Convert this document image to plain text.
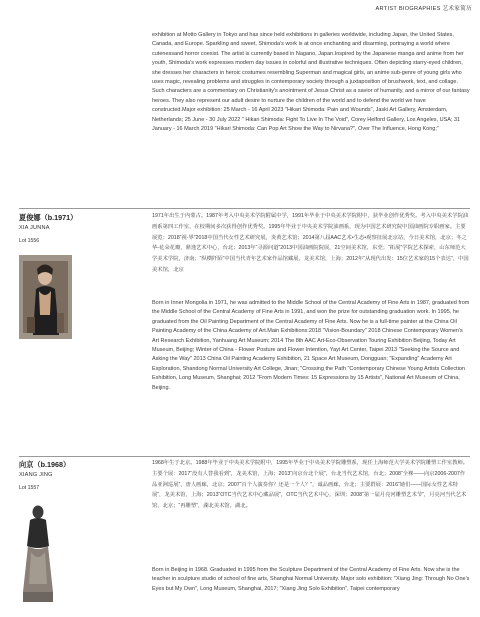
ARTIST BIOGRAPHIES 艺术家简历

exhibition at Motto Gallery in Tokyo and has since held exhibitions in galleries worldwide, including Japan, the United States, Canada, and Europe. Sparkling and sweet, Shimoda's work is at once enchanting and disarming, portraying a world where cutenessand horror coexist. The artist is currently based in Nagano, Japan.Inspired by the Japanese manga and anime from her youth, Shimoda's work expresses modern day issues in colorful and illustrative techniques. Often depicting starry-eyed children, she dresses her characters in heroic costumes resembling Superman and magical girls, an anime sub-genre of young girls who uses magic, revealing problems and struggles in contemporary society through a juxtaposition of brushwork, text, and collage. Such characters are a commentary on Christianity's anointment of Jesus Christ as a savior of humanity, and a mirror of our fantasy heroes. They also represent our adult desire to nurture the children of the world and to defend the world we have constructed.Major exhibition: 25 March - 16 April 2023 "Hikari Shimoda: Pain and Wounds", Jaski Art Gallery, Amsterdam, Netherlands; 25 June - 30 July 2022 " Hikari Shimoda: Fight To Live In The Void", Corey Helford Gallery, Los Angeles, USA; 31 January - 16 March 2019 "Hikari Shimoda: Can Pop Art Show the Way to Nirvana?", Over The Influence, Hong Kong;"

夏俊娜（b.1971）
XIA JUNNA
Lot 1556

1971年出生于内蒙古。1987年考入中央美术学院附属中学，1991年毕业于中央美术学院附中，获毕业创作优秀奖。考入中央美术学院油画系第四工作室，在校期间多次获得创作优秀奖。1995年毕业于中央美术学院油画系，现为中国艺术研究院中国油画院专职画家。主要展览：2018“视·界”2018中国当代女性艺术研究展，炎黄艺术馆；2014第八届AAC艺术•生态•观察征展北京站，今日美术馆，北京；冬之华-花朵花瓣，鼎逸艺术中心，台北；2013年“寻源问道”2013中国油画院院展，21空间美术馆，东莞；“拓展”学院艺术探索，山东师范大学美术学院，济南；“纵横阡陌”中国当代青年艺术家作品馆藏展，龙美术馆，上海；2012年“从现代出发：15位艺术家的15个表达”，中国美术馆，北京

Born in Inner Mongolia in 1971, he was admitted to the Middle School of the Central Academy of Fine Arts in 1987, graduated from the Middle School of the Central Academy of Fine Arts in 1991, and won the prize for outstanding graduation work. In 1995, he graduated from the Oil Painting Department of the Central Academy of Fine Arts. Now he is a full-time painter at the China Oil Painting Academy of the China Academy of Art.Main Exhibitions:2018 "Vision-Boundary" 2018 Chinese Contemporary Women's Art Research Exhibition, Yanhuang Art Museum; 2014 The 8th AAC Art-Eco-Observation Touring Exhibition Beijing, Today Art Museum, Beijing; Winter of China - Flower Posture and Flower Intention, Yayi Art Center, Taipei 2013 "Seeking the Source and Asking the Way" 2013 China Oil Painting Academy Exhibition, 21 Space Art Museum, Dongguan; "Expanding" Academy Art Exploration, Shandong Normal University Art College, Jinan; "Crossing the Path "Contemporary Chinese Young Artists Collection Exhibition, Long Museum, Shanghai; 2012 "From Modern Times: 15 Expressions by 15 Artists", National Art Museum of China, Beijing.

向京（b.1968）
XIANG JING
Lot 1557

1968年生于北京。1988年毕业于中央美术学院附中，1995年毕业于中央美术学院雕塑系，现任上海师范大学美术学院雕塑工作室教师。主要个展：2017“没有人替我看到”，龙美术馆，上海；2013“向京台北个展”，台北当代艺术馆，台北；2008“全裸——向京2006-2007作品亚洲巡展”，唐人画廊，北京；2007“百个人演奏你？还是一个人？”，诚品画廊，台北；主要群展：2016“她们——国际女性艺术特展”，龙美术馆，上海；2013“OTC当代艺术中心藏品展”，OTC当代艺术中心，深圳；2008“第一届月亮河雕塑艺术节”，月亮河当代艺术馆，北京；“再雕塑”，湖北美术馆，湖北。

Born in Beijing in 1968. Graduated in 1995 from the Sculpture Department of the Central Academy of Fine Arts. Now she is the teacher in sculpture studio of school of fine arts, Shanghai Normal University. Major solo exhibition: "Xiang Jing: Through No One's Eyes but My Own", Long Museum, Shanghai, 2017; "Xiang Jing Solo Exhibition", Taipei contemporary
